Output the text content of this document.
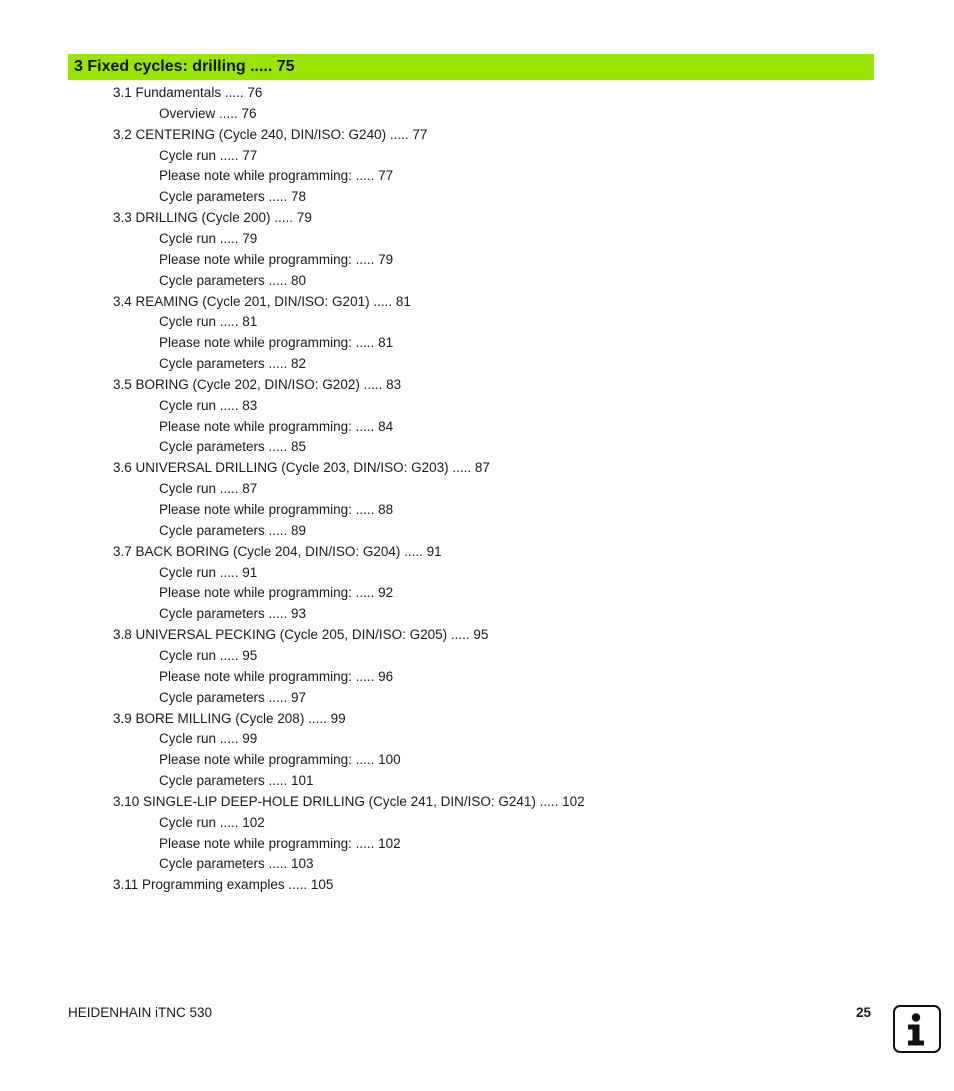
3 Fixed cycles: drilling ..... 75
3.1 Fundamentals ..... 76
Overview ..... 76
3.2 CENTERING (Cycle 240, DIN/ISO: G240) ..... 77
Cycle run ..... 77
Please note while programming: ..... 77
Cycle parameters ..... 78
3.3 DRILLING (Cycle 200) ..... 79
Cycle run ..... 79
Please note while programming: ..... 79
Cycle parameters ..... 80
3.4 REAMING (Cycle 201, DIN/ISO: G201) ..... 81
Cycle run ..... 81
Please note while programming: ..... 81
Cycle parameters ..... 82
3.5 BORING (Cycle 202, DIN/ISO: G202) ..... 83
Cycle run ..... 83
Please note while programming: ..... 84
Cycle parameters ..... 85
3.6 UNIVERSAL DRILLING (Cycle 203, DIN/ISO: G203) ..... 87
Cycle run ..... 87
Please note while programming: ..... 88
Cycle parameters ..... 89
3.7 BACK BORING (Cycle 204, DIN/ISO: G204) ..... 91
Cycle run ..... 91
Please note while programming: ..... 92
Cycle parameters ..... 93
3.8 UNIVERSAL PECKING (Cycle 205, DIN/ISO: G205) ..... 95
Cycle run ..... 95
Please note while programming: ..... 96
Cycle parameters ..... 97
3.9 BORE MILLING (Cycle 208) ..... 99
Cycle run ..... 99
Please note while programming: ..... 100
Cycle parameters ..... 101
3.10 SINGLE-LIP DEEP-HOLE DRILLING (Cycle 241, DIN/ISO: G241) ..... 102
Cycle run ..... 102
Please note while programming: ..... 102
Cycle parameters ..... 103
3.11 Programming examples ..... 105
HEIDENHAIN iTNC 530	25
